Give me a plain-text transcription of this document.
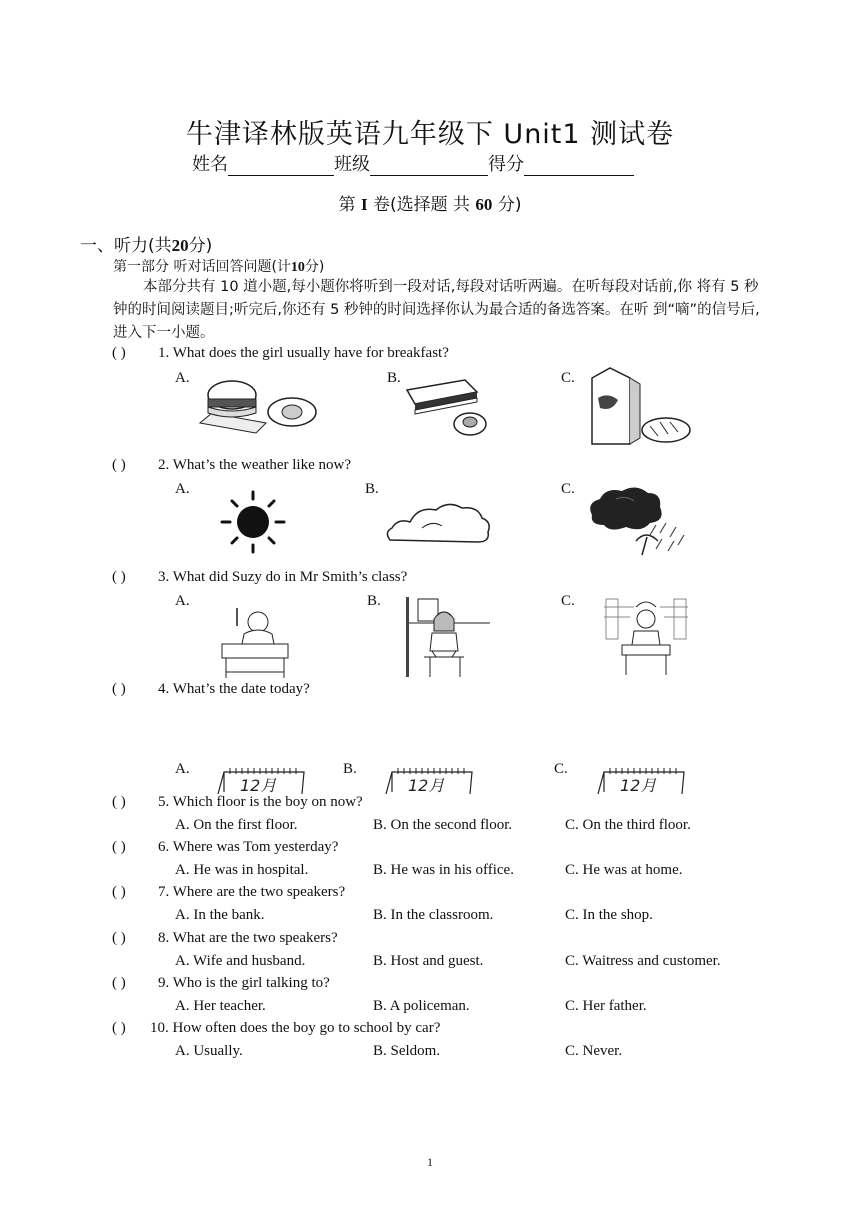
牛津译林版英语九年级下 Unit1 测试卷
姓名	班级	得分
第 I 卷(选择题 共 60 分)
一、听力(共20分)
第一部分 听对话回答问题(计10分)
本部分共有 10 道小题,每小题你将听到一段对话,每段对话听两遍。在听每段对话前,你 将有 5 秒钟的时间阅读题目;听完后,你还有 5 秒钟的时间选择你认为最合适的备选答案。在听 到“嘀”的信号后,进入下一小题。
( ) 1. What does the girl usually have for breakfast?
A.	B.	C.
( ) 2. What’s the weather like now?
A.	B.	C.
( ) 3. What did Suzy do in Mr Smith’s class?
A.	B.	C.
( ) 4. What’s the date today?
A.	B.	C.
12月	12月	12月
( ) 5. Which floor is the boy on now?
A. On the first floor.	B. On the second floor.	C. On the third floor.
( ) 6. Where was Tom yesterday?
A. He was in hospital.	B. He was in his office.	C. He was at home.
( ) 7. Where are the two speakers?
A. In the bank.	B. In the classroom.	C. In the shop.
( ) 8. What are the two speakers?
A. Wife and husband.	B. Host and guest.	C. Waitress and customer.
( ) 9. Who is the girl talking to?
A. Her teacher.	B. A policeman.	C. Her father.
( ) 10. How often does the boy go to school by car?
A. Usually.	B. Seldom.	C. Never.
1
